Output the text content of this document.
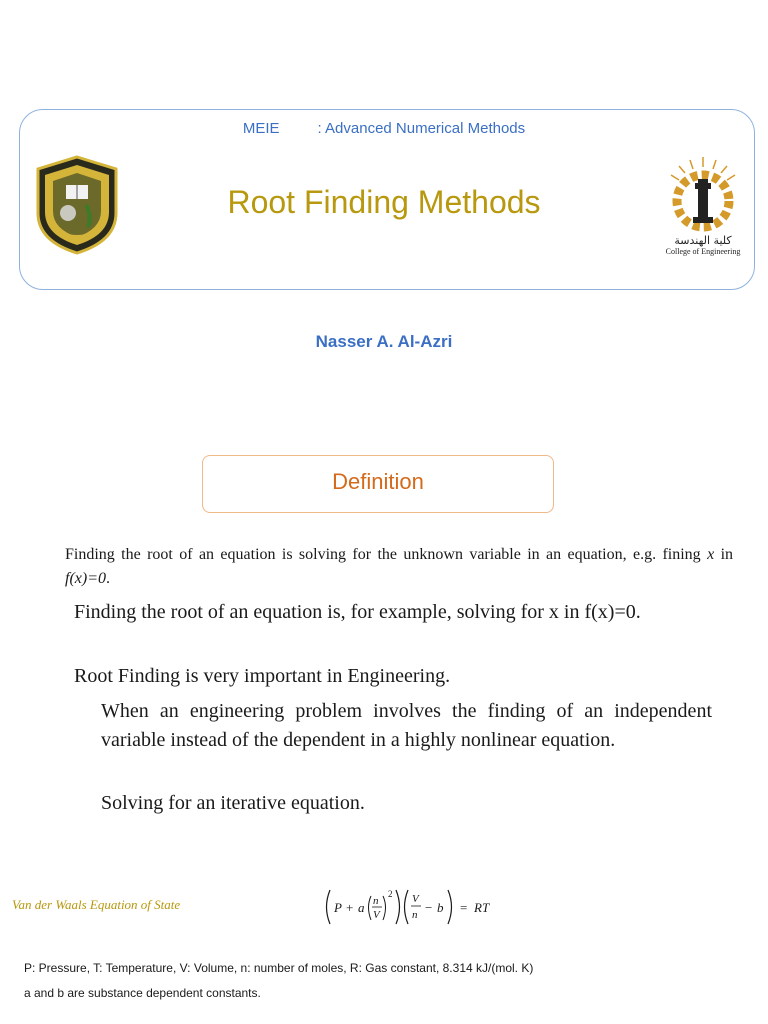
MEIE	: Advanced Numerical Methods
Root Finding Methods
كلية الهندسة
College of Engineering
Nasser A. Al-Azri
Definition
Finding the root of an equation is solving for the unknown variable in an equation, e.g. fining x in f(x)=0.
Finding the root of an equation is, for example, solving for x in f(x)=0.
Root Finding is very important in Engineering.
When an engineering problem involves the finding of an independent variable instead of the dependent in a highly nonlinear equation.
Solving for an iterative equation.
Van der Waals Equation of State	P + a n
V
2 V
n − b = RT
P: Pressure, T: Temperature, V: Volume, n: number of moles, R: Gas constant, 8.314 kJ/(mol. K)
a and b are substance dependent constants.
